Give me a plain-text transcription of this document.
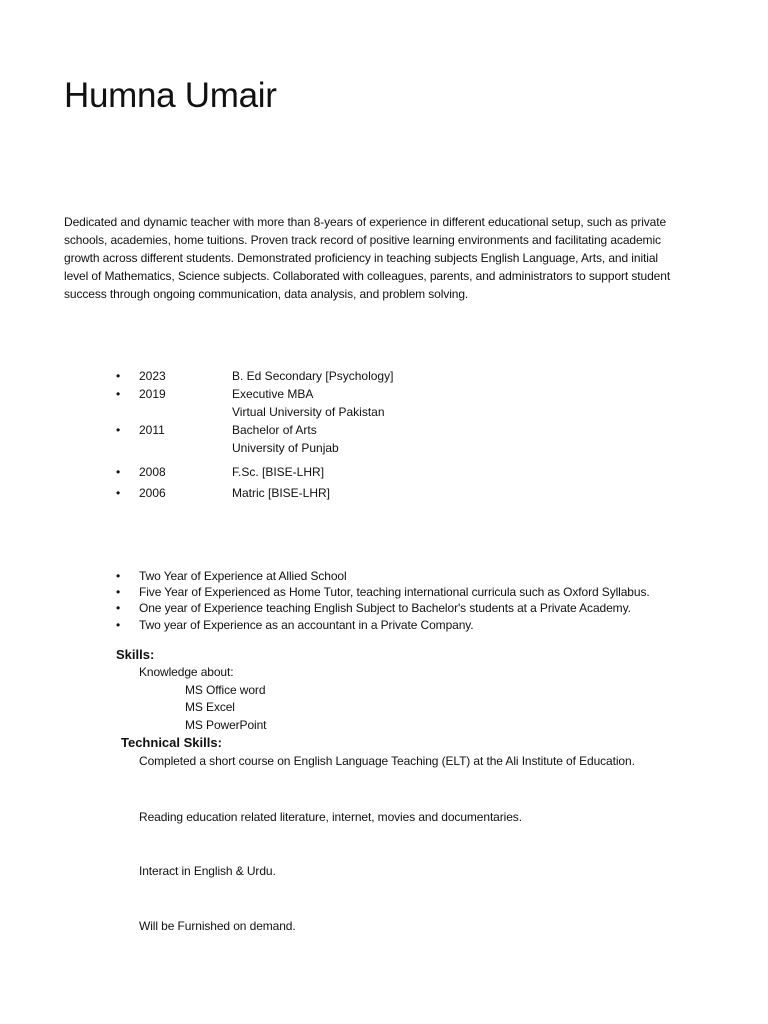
Humna Umair

Dedicated and dynamic teacher with more than 8-years of experience in different educational setup, such as private schools, academies, home tuitions. Proven track record of positive learning environments and facilitating academic growth across different students. Demonstrated proficiency in teaching subjects English Language, Arts, and initial level of Mathematics, Science subjects. Collaborated with colleagues, parents, and administrators to support student success through ongoing communication, data analysis, and problem solving.

• 2023	B. Ed Secondary [Psychology]
• 2019	Executive MBA
Virtual University of Pakistan
• 2011	Bachelor of Arts
University of Punjab
• 2008	F.Sc. [BISE-LHR]
• 2006	Matric [BISE-LHR]
• Two Year of Experience at Allied School
• Five Year of Experienced as Home Tutor, teaching international curricula such as Oxford Syllabus.
• One year of Experience teaching English Subject to Bachelor's students at a Private Academy.
• Two year of Experience as an accountant in a Private Company.
Skills:
Knowledge about:
MS Office word
MS Excel
MS PowerPoint
Technical Skills:
Completed a short course on English Language Teaching (ELT) at the Ali Institute of Education.
Reading education related literature, internet, movies and documentaries.
Interact in English & Urdu.
Will be Furnished on demand.
